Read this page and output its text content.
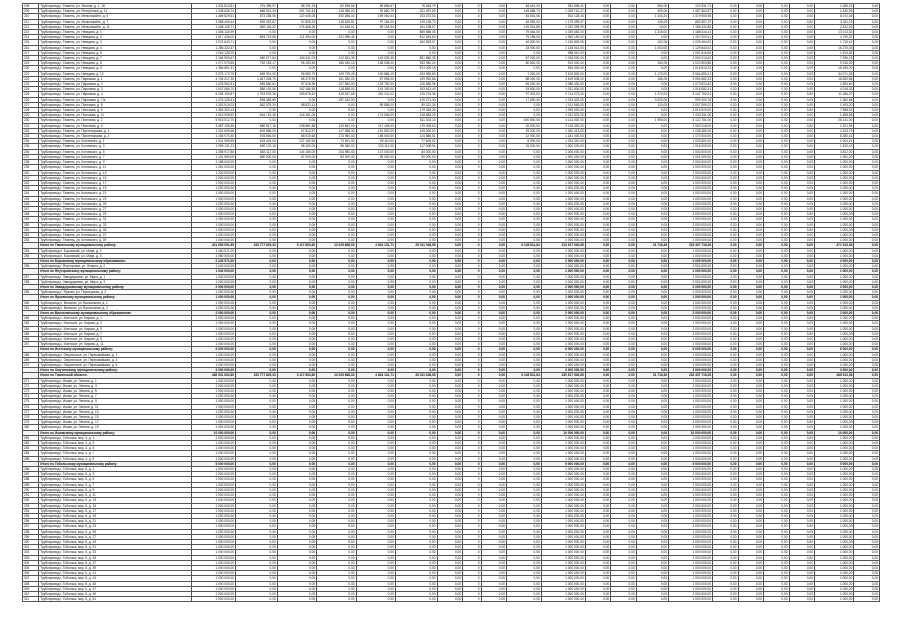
208	Трубопровод г. Тюмень, ул. Ленина, д. 1, 18	1 331 813,81	791 399,07	58 791,33	82 935,66	69 866,67	76 363,79	0,00	0	0,00	48 610,00	381 598,41	0,00	0,00	980,00	102 931,71	0,00	0,00	0,00	0,00	1 083,23	0,00
209	Трубопровод г. Тюмень, ул. Республики, д. 11	1 248 636,74	686 912,33	301 750,44	118 395,00	92 650,79	321 497,69	0,00	0	0,00	145 688,73	1 039 710,27	0,00	0,00	305,00	1 087 563,57	0,00	0,00	0,00	0,00	1 430,99	0,00
210	Трубопровод г. Тюмень, ул. Мельникайте, д. 5	1 489 829,51	873 238,06	120 435,05	252 286,04	159 060,03	103 373,53	0,00	0	0,00	84 816,06	502 128,34	0,00	0,00	1 103,24	1 379 906,98	0,00	0,00	0,00	0,00	6 074,46	0,00
211	Трубопровод г. Тюмень, ул. Мельникайте, д. 7	1 368 405,44	839 457,87	57 805,23	118 625,81	97 164,00	120 136,73	0,00	0	0,00	46 950,00	1 179 399,07	0,00	0,00	130,00	882 967,37	0,00	0,00	0,00	0,00	3 311,15	0,00
212	Трубопровод г. Тюмень, ул. Мельникайте, д. 11	1 438 108,71	882 118,32	176 468,36	61 166,01	89 104,94	161 198,07	0,00	0	0,00	129 916,86	1 010 395,99	0,00	0,00	10,00	1 189 432,85	0,00	0,00	0,00	0,00	2 812,16	0,00
213	Трубопровод г. Тюмень, ул. Немцова, д. 1	1 508 130,99	0,00	0,00	0,00	0,00	869 888,05	0,00	0	0,00	79 646,00	1 039 682,00	0,00	0,00	1 315,00	1 188 016,43	0,00	0,00	0,00	0,00	13 013,32	0,00
214	Трубопровод г. Тюмень, ул. Немцова, д. 2	1 517 436,00	853 719,65	111 394,00	101 396,46	0,00	812 815,63	0,00	0	0,00	79 186,00	1 060 190,02	0,00	0,00	0,00	1 157 002,61	0,00	0,00	0,00	0,00	4 700,32	0,00
215	Трубопровод г. Тюмень, ул. Немцова, д. 3	1 074 643,71	0,00	0,00	0,00	0,00	184 893,07	0,00	0	0,00	46 900,00	1 136 800,55	0,00	0,00	102,00	1 039 464,92	0,00	0,00	0,00	0,00	1 716,42	0,00
216	Трубопровод г. Тюмень, ул. Немцова, д. 4	1 286 322,67	0,00	0,00	0,00	0,00	0,00	0,00	0	0,00	15 000,00	1 135 014,00	0,00	0,00	1 003,00	1 129 844,02	0,00	0,00	0,00	0,00	16 270,05	0,00
217	Трубопровод г. Тюмень, ул. Немцова, д. 6	1 063 128,29	0,00	0,00	0,00	0,00	0,00	0,00	0	0,00	0,00	988 510,00	0,00	0,00	0,00	1 091 816,65	0,00	0,00	0,00	0,00	1 913,35	0,00
218	Трубопровод г. Тюмень, ул. Немцова, д. 7	1 184 950,67	680 677,60	166 511,03	112 451,39	149 335,36	851 880,35	0,00	0	0,00	87 000,00	1 036 000,00	0,00	0,00	0,00	1 050 010,62	0,00	0,00	0,00	0,00	7 936,15	0,00
219	Трубопровод г. Тюмень, ул. Немцова, д. 8	1 071 979,60	752 153,17	95 153,50	166 430,15	136 008,00	933 982,24	0,00	0	0,00	80 800,00	913 000,00	0,00	0,00	164,00	1 022 803,88	0,00	0,00	0,00	0,00	9 316,30	0,00
220	Трубопровод г. Тюмень, ул. Немцова, д. 9	1 386 891,31	0,00	0,00	0,00	0,00	574 205,18	0,00	0	0,00	0,00	963 000,00	0,00	0,00	0,00	1 018 510,22	0,00	0,00	0,00	0,00	16 196,00	0,00
221	Трубопровод г. Тюмень, ул. Немцова, д. 10	3 375 173,75	669 921,00	96 980,79	109 739,28	100 886,10	633 555,80	0,00	0	0,00	1 000,00	3 100 500,00	0,00	0,00	1 170,00	3 064 855,21	0,00	0,00	0,00	0,00	34 071,05	0,00
222	Трубопровод г. Тюмень, ул. Парковая, д. 1	4 706 017,25	1 467 248,79	88 379,99	161 350,00	87 596,00	199 952,86	0,00	0	0,00	88 000,00	3 619 508,00	0,00	0,00	166,00	3 994 882,23	0,00	0,00	0,00	0,00	16 820,56	0,00
223	Трубопровод г. Тюмень, ул. Парковая, д. 2	1 003 962,81	589 860,62	57 616,95	107 360,00	133 750,00	126 860,95	0,00	0	0,00	69 000,00	1 088 430,00	0,00	0,00	0,00	1 073 813,42	0,00	0,00	0,00	0,00	1 693,60	0,00
224	Трубопровод г. Тюмень, ул. Парковая, д. 3	1 047 066,70	886 192,56	162 186,59	118 858,00	161 190,00	153 613,49	0,00	0	0,00	53 800,00	1 031 600,00	0,00	0,00	0,00	1 016 082,41	0,00	0,00	0,00	0,00	4 018,33	0,00
225	Трубопровод г. Тюмень, ул. Парковая, д. 4	6 284 190,87	1 753 978,36	169 676,62	419 037,68	261 011,02	115 276,36	0,00	0	0,00	97 902,00	2 714 073,00	0,00	0,00	1 270,00	3 147 762,04	0,00	0,00	0,00	0,00	11 166,07	0,00
226	Трубопровод г. Тюмень, ул. Парковая, д. 7/а	1 476 126,51	839 453,89	0,00	287 442,00	0,00	476 271,30	0,00	0	0,00	17 690,00	1 033 402,00	0,00	0,00	3 000,00	999 300,76	0,00	0,00	0,00	0,00	1 960,84	0,00
227	Трубопровод г. Тюмень, ул. Пихтовая, д. 8	1 303 910,03	582 979,30	58 823,14	0,00	89 886,00	89 321,34	0,00	0	0,00	0,00	1 011 563,00	0,00	0,00	110,00	1 007 509,22	0,00	0,00	0,00	0,00	1 193,20	0,00
228	Трубопровод г. Тюмень, ул. Пихтовая, д. 9	1 363 300,13	0,00	0,00	0,00	0,00	179 335,26	0,00	0	0,00	0,00	1 095 000,00	0,00	0,00	0,00	1 015 919,00	0,00	0,00	0,00	0,00	7 598,92	0,00
229	Трубопровод г. Тюмень, ул. Пихтовая, д. 11	1 316 908,52	664 715,48	116 161,08	0,00	174 906,00	128 683,25	0,00	0	0,00	0,00	1 032 875,00	0,00	0,00	0,00	1 030 811,00	0,00	0,00	0,00	0,00	1 698,65	0,00
230	Трубопровод г. Тюмень, ул. Пихтовая, д. 2	5 915 012,70	0,00	0,00	0,00	0,00	511 303,13	0,00	0	0,00	400 800,00	4 114 000,00	0,00	0,00	1 990,00	5 122 781,00	0,00	0,00	0,00	0,00	28 141,00	0,00
231	Трубопровод г. Тюмень, ул. Пихтовая, д. 4	1 467 190,55	880 517,15	108 881,88	125 861,00	117 165,00	179 008,63	0,00	0	0,00	20 000,00	1 116 000,00	0,00	0,00	0,00	1 060 018,00	0,00	0,00	0,00	0,00	1 101,94	0,00
232	Трубопровод г. Тюмень, ул. Пролетарская, д. 1	1 201 659,68	692 086,00	57 813,97	117 368,30	151 802,00	105 000,00	0,00	0	0,00	29 200,00	1 000 413,00	0,00	0,00	0,00	1 038 480,00	0,00	0,00	0,00	0,00	1 613,75	0,00
233	Трубопровод г. Тюмень, ул. Пролетарская, д. 2	1 155 970,40	978 806,00	58 915,68	173 950,00	185 000,00	124 886,51	0,00	0	0,00	12 900,00	1 181 000,00	0,00	0,00	0,00	1 170 000,00	0,00	0,00	0,00	0,00	8 380,42	0,00
234	Трубопровод г. Тюмень, ул. Котовского, д. 1	1 041 959,69	633 443,00	127 160,93	73 601,00	95 110,00	77 605,02	0,00	0	0,00	8 000,00	1 034 310,00	0,00	0,00	0,00	1 033 602,00	0,00	0,00	0,00	0,00	1 004,61	0,00
235	Трубопровод г. Тюмень, ул. Котовского, д. 3	1 099 131,23	690 176,15	58 160,00	98 360,00	133 112,00	117 908,94	0,00	0	0,00	15 000,00	1 000 000,00	0,00	0,00	0,00	1 015 000,00	0,00	0,00	0,00	0,00	1 810,43	0,00
236	Трубопровод г. Тюмень, ул. Котовского, д. 5	1 308 917,86	883 117,00	144 165,00	104 980,00	137 000,00	84 000,00	0,00	0	0,00	0,00	1 006 000,00	0,00	0,00	0,00	1 003 000,00	0,00	0,00	0,00	0,00	3 812,00	0,00
237	Трубопровод г. Тюмень, ул. Котовского, д. 7	1 101 960,00	580 000,00	57 000,00	83 000,00	95 000,00	90 000,00	0,00	0	0,00	0,00	1 000 000,00	0,00	0,00	0,00	1 001 000,00	0,00	0,00	0,00	0,00	1 001,00	0,00
238	Трубопровод г. Тюмень, ул. Котовского, д. 9	1 188 000,00	0,00	0,00	0,00	0,00	0,00	0,00	0	0,00	0,00	1 000 000,00	0,00	0,00	0,00	1 000 000,00	0,00	0,00	0,00	0,00	1 000,00	0,00
239	Трубопровод г. Тюмень, ул. Котовского, д. 11	1 401 000,00	0,00	0,00	0,00	0,00	0,00	0,00	0	0,00	0,00	1 000 000,00	0,00	0,00	0,00	1 000 000,00	0,00	0,00	0,00	0,00	1 000,00	0,00
240	Трубопровод г. Тюмень, ул. Котовского, д. 13	1 200 000,00	0,00	0,00	0,00	0,00	0,00	0,00	0	0,00	0,00	1 000 000,00	0,00	0,00	0,00	1 000 000,00	0,00	0,00	0,00	0,00	1 000,00	0,00
241	Трубопровод г. Тюмень, ул. Котовского, д. 15	1 000 000,00	0,00	0,00	0,00	0,00	0,00	0,00	0	0,00	0,00	1 000 000,00	0,00	0,00	0,00	1 000 000,00	0,00	0,00	0,00	0,00	1 000,00	0,00
242	Трубопровод г. Тюмень, ул. Котовского, д. 17	1 000 000,00	0,00	0,00	0,00	0,00	0,00	0,00	0	0,00	0,00	1 000 000,00	0,00	0,00	0,00	1 000 000,00	0,00	0,00	0,00	0,00	1 000,00	0,00
243	Трубопровод г. Тюмень, ул. Котовского, д. 19	1 000 000,00	0,00	0,00	0,00	0,00	0,00	0,00	0	0,00	0,00	1 000 000,00	0,00	0,00	0,00	1 000 000,00	0,00	0,00	0,00	0,00	1 000,00	0,00
244	Трубопровод г. Тюмень, ул. Котовского, д. 21	1 000 000,00	0,00	0,00	0,00	0,00	0,00	0,00	0	0,00	0,00	1 000 000,00	0,00	0,00	0,00	1 000 000,00	0,00	0,00	0,00	0,00	1 000,00	0,00
245	Трубопровод г. Тюмень, ул. Котовского, д. 23	1 000 000,00	0,00	0,00	0,00	0,00	0,00	0,00	0	0,00	0,00	1 000 000,00	0,00	0,00	0,00	1 000 000,00	0,00	0,00	0,00	0,00	1 000,00	0,00
246	Трубопровод г. Тюмень, ул. Котовского, д. 25	1 000 000,00	0,00	0,00	0,00	0,00	0,00	0,00	0	0,00	0,00	1 000 000,00	0,00	0,00	0,00	1 000 000,00	0,00	0,00	0,00	0,00	1 000,00	0,00
247	Трубопровод г. Тюмень, ул. Котовского, д. 27	1 000 000,00	0,00	0,00	0,00	0,00	0,00	0,00	0	0,00	0,00	1 000 000,00	0,00	0,00	0,00	1 000 000,00	0,00	0,00	0,00	0,00	1 000,00	0,00
248	Трубопровод г. Тюмень, ул. Котовского, д. 29	1 000 000,00	0,00	0,00	0,00	0,00	0,00	0,00	0	0,00	0,00	1 000 000,00	0,00	0,00	0,00	1 000 000,00	0,00	0,00	0,00	0,00	1 000,00	0,00
249	Трубопровод г. Тюмень, ул. Котовского, д. 31	1 000 000,00	0,00	0,00	0,00	0,00	0,00	0,00	0	0,00	0,00	1 000 000,00	0,00	0,00	0,00	1 000 000,00	0,00	0,00	0,00	0,00	1 000,00	0,00
250	Трубопровод г. Тюмень, ул. Котовского, д. 33	1 000 000,00	0,00	0,00	0,00	0,00	0,00	0,00	0	0,00	0,00	1 000 000,00	0,00	0,00	0,00	1 000 000,00	0,00	0,00	0,00	0,00	1 000,00	0,00
251	Трубопровод г. Тюмень, ул. Котовского, д. 35	1 000 000,00	0,00	0,00	0,00	0,00	0,00	0,00	0	0,00	0,00	1 000 000,00	0,00	0,00	0,00	1 000 000,00	0,00	0,00	0,00	0,00	1 000,00	0,00
252	Трубопровод г. Тюмень, ул. Котовского, д. 37	1 000 000,00	0,00	0,00	0,00	0,00	0,00	0,00	0	0,00	0,00	1 000 000,00	0,00	0,00	0,00	1 000 000,00	0,00	0,00	0,00	0,00	1 000,00	0,00
253	Трубопровод г. Тюмень, ул. Котовского, д. 39	1 000 000,00	0,00	0,00	0,00	0,00	0,00	0,00	0	0,00	0,00	1 000 000,00	0,00	0,00	0,00	1 000 000,00	0,00	0,00	0,00	0,00	1 000,00	0,00
	Итого по Тюменскому муниципальному району:	421 650 091,89	153 777 629,33	5 117 803,60	12 025 668,03	4 816 131,71	28 011 048,95	0,00	0	0,00	6 145 811,84	213 517 940,65	0,00	0,00	31 716,46	215 407 718,26	0,00	0,00	0,00	0,00	471 913,08	0,00
254	Трубопровод п. Боровский, ул. Мира, д. 1	1 160 971,00	0,00	0,00	0,00	0,00	0,00	0,00	0	0,00	0,00	1 000 000,00	0,00	0,00	0,00	1 000 000,00	0,00	0,00	0,00	0,00	1 000,00	0,00
255	Трубопровод п. Боровский, ул. Мира, д. 3	1 080 000,00	0,00	0,00	0,00	0,00	0,00	0,00	0	0,00	0,00	1 000 000,00	0,00	0,00	0,00	1 000 000,00	0,00	0,00	0,00	0,00	1 000,00	0,00
	Итого по Боровскому муниципальному образованию:	2 240 971,00	0,00	0,00	0,00	0,00	0,00	0,00	0	0,00	0,00	2 000 000,00	0,00	0,00	0,00	2 000 000,00	0,00	0,00	0,00	0,00	2 000,00	0,00
256	Трубопровод г. Ялуторовск, ул. Ленина, д. 2	1 040 000,00	0,00	0,00	0,00	0,00	0,00	0,00	0	0,00	0,00	1 000 000,00	0,00	0,00	0,00	1 000 000,00	0,00	0,00	0,00	0,00	1 000,00	0,00
	Итого по Ялуторовскому муниципальному району:	1 040 000,00	0,00	0,00	0,00	0,00	0,00	0,00	0	0,00	0,00	1 000 000,00	0,00	0,00	0,00	1 000 000,00	0,00	0,00	0,00	0,00	1 000,00	0,00
257	Трубопровод г. Заводоуковск, ул. Мира, д. 1	1 000 000,00	0,00	0,00	0,00	0,00	0,00	0,00	0	0,00	0,00	1 000 000,00	0,00	0,00	0,00	1 000 000,00	0,00	0,00	0,00	0,00	1 000,00	0,00
258	Трубопровод г. Заводоуковск, ул. Мира, д. 3	1 000 000,00	0,00	0,00	0,00	0,00	0,00	0,00	0	0,00	0,00	1 000 000,00	0,00	0,00	0,00	1 000 000,00	0,00	0,00	0,00	0,00	1 000,00	0,00
	Итого по Заводоуковскому муниципальному району:	2 000 000,00	0,00	0,00	0,00	0,00	0,00	0,00	0	0,00	0,00	2 000 000,00	0,00	0,00	0,00	2 000 000,00	0,00	0,00	0,00	0,00	2 000,00	0,00
259	Трубопровод с. Ярково, ул. Пионерская, д. 2	1 000 000,00	0,00	0,00	0,00	0,00	0,00	0,00	0	0,00	0,00	1 000 000,00	0,00	0,00	0,00	1 000 000,00	0,00	0,00	0,00	0,00	1 000,00	0,00
	Итого по Ярковскому муниципальному району:	1 000 000,00	0,00	0,00	0,00	0,00	0,00	0,00	0	0,00	0,00	1 000 000,00	0,00	0,00	0,00	1 000 000,00	0,00	0,00	0,00	0,00	1 000,00	0,00
260	Трубопровод п. Винзили, ул. Вокзальная, д. 1	1 000 000,00	0,00	0,00	0,00	0,00	0,00	0,00	0	0,00	0,00	1 000 000,00	0,00	0,00	0,00	1 000 000,00	0,00	0,00	0,00	0,00	1 000,00	0,00
261	Трубопровод п. Винзили, ул. Вокзальная, д. 3	1 000 000,00	0,00	0,00	0,00	0,00	0,00	0,00	0	0,00	0,00	1 000 000,00	0,00	0,00	0,00	1 000 000,00	0,00	0,00	0,00	0,00	1 000,00	0,00
	Итого по Винзилинскому муниципальному образованию:	2 000 000,00	0,00	0,00	0,00	0,00	0,00	0,00	0	0,00	0,00	2 000 000,00	0,00	0,00	0,00	2 000 000,00	0,00	0,00	0,00	0,00	2 000,00	0,00
262	Трубопровод с. Исетское, ул. Кирова, д. 1	1 000 000,00	0,00	0,00	0,00	0,00	0,00	0,00	0	0,00	0,00	1 000 000,00	0,00	0,00	0,00	1 000 000,00	0,00	0,00	0,00	0,00	1 000,00	0,00
263	Трубопровод с. Исетское, ул. Кирова, д. 3	1 000 000,00	0,00	0,00	0,00	0,00	0,00	0,00	0	0,00	0,00	1 000 000,00	0,00	0,00	0,00	1 000 000,00	0,00	0,00	0,00	0,00	1 000,00	0,00
264	Трубопровод с. Исетское, ул. Кирова, д. 5	1 000 000,00	0,00	0,00	0,00	0,00	0,00	0,00	0	0,00	0,00	1 000 000,00	0,00	0,00	0,00	1 000 000,00	0,00	0,00	0,00	0,00	1 000,00	0,00
265	Трубопровод с. Исетское, ул. Кирова, д. 7	1 000 000,00	0,00	0,00	0,00	0,00	0,00	0,00	0	0,00	0,00	1 000 000,00	0,00	0,00	0,00	1 000 000,00	0,00	0,00	0,00	0,00	1 000,00	0,00
266	Трубопровод с. Исетское, ул. Кирова, д. 9	1 000 000,00	0,00	0,00	0,00	0,00	0,00	0,00	0	0,00	0,00	1 000 000,00	0,00	0,00	0,00	1 000 000,00	0,00	0,00	0,00	0,00	1 000,00	0,00
267	Трубопровод с. Исетское, ул. Кирова, д. 11	1 000 000,00	0,00	0,00	0,00	0,00	0,00	0,00	0	0,00	0,00	1 000 000,00	0,00	0,00	0,00	1 000 000,00	0,00	0,00	0,00	0,00	1 000,00	0,00
	Итого по Исетскому муниципальному району:	6 000 000,00	0,00	0,00	0,00	0,00	0,00	0,00	0	0,00	0,00	6 000 000,00	0,00	0,00	0,00	6 000 000,00	0,00	0,00	0,00	0,00	6 000,00	0,00
268	Трубопровод с. Омутинское, ул. Первомайская, д. 1	1 000 000,00	0,00	0,00	0,00	0,00	0,00	0,00	0	0,00	0,00	1 000 000,00	0,00	0,00	0,00	1 000 000,00	0,00	0,00	0,00	0,00	1 000,00	0,00
269	Трубопровод с. Омутинское, ул. Первомайская, д. 3	1 000 000,00	0,00	0,00	0,00	0,00	0,00	0,00	0	0,00	0,00	1 000 000,00	0,00	0,00	0,00	1 000 000,00	0,00	0,00	0,00	0,00	1 000,00	0,00
270	Трубопровод с. Омутинское, ул. Первомайская, д. 5	1 000 000,00	0,00	0,00	0,00	0,00	0,00	0,00	0	0,00	0,00	1 000 000,00	0,00	0,00	0,00	1 000 000,00	0,00	0,00	0,00	0,00	1 000,00	0,00
	Итого по Омутинскому муниципальному району:	3 000 000,00	0,00	0,00	0,00	0,00	0,00	0,00	0	0,00	0,00	3 000 000,00	0,00	0,00	0,00	3 000 000,00	0,00	0,00	0,00	0,00	3 000,00	0,00
	Итого по Тюменской области:	438 931 062,89	153 777 629,33	5 117 803,60	12 025 668,03	4 816 131,71	28 011 048,95	0,00	0	0,00	6 145 811,84	230 517 940,65	0,00	0,00	31 716,46	232 407 718,26	0,00	0,00	0,00	0,00	488 913,08	0,00
271	Трубопровод г. Ишим, ул. Ленина, д. 1	1 000 000,00	0,00	0,00	0,00	0,00	0,00	0,00	0	0,00	0,00	1 000 000,00	0,00	0,00	0,00	1 000 000,00	0,00	0,00	0,00	0,00	1 000,00	0,00
272	Трубопровод г. Ишим, ул. Ленина, д. 3	1 000 000,00	0,00	0,00	0,00	0,00	0,00	0,00	0	0,00	0,00	1 000 000,00	0,00	0,00	0,00	1 000 000,00	0,00	0,00	0,00	0,00	1 000,00	0,00
273	Трубопровод г. Ишим, ул. Ленина, д. 5	1 000 000,00	0,00	0,00	0,00	0,00	0,00	0,00	0	0,00	0,00	1 000 000,00	0,00	0,00	0,00	1 000 000,00	0,00	0,00	0,00	0,00	1 000,00	0,00
274	Трубопровод г. Ишим, ул. Ленина, д. 7	1 000 000,00	0,00	0,00	0,00	0,00	0,00	0,00	0	0,00	0,00	1 000 000,00	0,00	0,00	0,00	1 000 000,00	0,00	0,00	0,00	0,00	1 000,00	0,00
275	Трубопровод г. Ишим, ул. Ленина, д. 9	1 000 000,00	0,00	0,00	0,00	0,00	0,00	0,00	0	0,00	0,00	1 000 000,00	0,00	0,00	0,00	1 000 000,00	0,00	0,00	0,00	0,00	1 000,00	0,00
276	Трубопровод г. Ишим, ул. Ленина, д. 11	1 000 000,00	0,00	0,00	0,00	0,00	0,00	0,00	0	0,00	0,00	1 000 000,00	0,00	0,00	0,00	1 000 000,00	0,00	0,00	0,00	0,00	1 000,00	0,00
277	Трубопровод г. Ишим, ул. Ленина, д. 13	1 000 000,00	0,00	0,00	0,00	0,00	0,00	0,00	0	0,00	0,00	1 000 000,00	0,00	0,00	0,00	1 000 000,00	0,00	0,00	0,00	0,00	1 000,00	0,00
278	Трубопровод г. Ишим, ул. Ленина, д. 15	1 000 000,00	0,00	0,00	0,00	0,00	0,00	0,00	0	0,00	0,00	1 000 000,00	0,00	0,00	0,00	1 000 000,00	0,00	0,00	0,00	0,00	1 000,00	0,00
279	Трубопровод г. Ишим, ул. Ленина, д. 17	1 000 000,00	0,00	0,00	0,00	0,00	0,00	0,00	0	0,00	0,00	1 000 000,00	0,00	0,00	0,00	1 000 000,00	0,00	0,00	0,00	0,00	1 000,00	0,00
280	Трубопровод г. Ишим, ул. Ленина, д. 19	1 000 000,00	0,00	0,00	0,00	0,00	0,00	0,00	0	0,00	0,00	1 000 000,00	0,00	0,00	0,00	1 000 000,00	0,00	0,00	0,00	0,00	1 000,00	0,00
	Итого по Ишимскому муниципальному району:	10 000 000,00	0,00	0,00	0,00	0,00	0,00	0,00	0	0,00	0,00	10 000 000,00	0,00	0,00	0,00	10 000 000,00	0,00	0,00	0,00	0,00	10 000,00	0,00
281	Трубопровод г. Тобольск, мкр. 4, д. 1	1 000 000,00	0,00	0,00	0,00	0,00	0,00	0,00	0	0,00	0,00	1 000 000,00	0,00	0,00	0,00	1 000 000,00	0,00	0,00	0,00	0,00	1 000,00	0,00
282	Трубопровод г. Тобольск, мкр. 4, д. 3	1 000 000,00	0,00	0,00	0,00	0,00	0,00	0,00	0	0,00	0,00	1 000 000,00	0,00	0,00	0,00	1 000 000,00	0,00	0,00	0,00	0,00	1 000,00	0,00
283	Трубопровод г. Тобольск, мкр. 4, д. 5	1 000 000,00	0,00	0,00	0,00	0,00	0,00	0,00	0	0,00	0,00	1 000 000,00	0,00	0,00	0,00	1 000 000,00	0,00	0,00	0,00	0,00	1 000,00	0,00
284	Трубопровод г. Тобольск, мкр. 4, д. 7	1 000 000,00	0,00	0,00	0,00	0,00	0,00	0,00	0	0,00	0,00	1 000 000,00	0,00	0,00	0,00	1 000 000,00	0,00	0,00	0,00	0,00	1 000,00	0,00
285	Трубопровод г. Тобольск, мкр. 4, д. 9	1 000 000,00	0,00	0,00	0,00	0,00	0,00	0,00	0	0,00	0,00	1 000 000,00	0,00	0,00	0,00	1 000 000,00	0,00	0,00	0,00	0,00	1 000,00	0,00
	Итого по Тобольскому муниципальному району:	5 000 000,00	0,00	0,00	0,00	0,00	0,00	0,00	0	0,00	0,00	5 000 000,00	0,00	0,00	0,00	5 000 000,00	0,00	0,00	0,00	0,00	5 000,00	0,00
286	Трубопровод г. Тобольск, мкр. 6, д. 1	1 000 000,00	0,00	0,00	0,00	0,00	0,00	0,00	0	0,00	0,00	1 000 000,00	0,00	0,00	0,00	1 000 000,00	0,00	0,00	0,00	0,00	1 000,00	0,00
287	Трубопровод г. Тобольск, мкр. 6, д. 3	1 000 000,00	0,00	0,00	0,00	0,00	0,00	0,00	0	0,00	0,00	1 000 000,00	0,00	0,00	0,00	1 000 000,00	0,00	0,00	0,00	0,00	1 000,00	0,00
288	Трубопровод г. Тобольск, мкр. 6, д. 5	1 000 000,00	0,00	0,00	0,00	0,00	0,00	0,00	0	0,00	0,00	1 000 000,00	0,00	0,00	0,00	1 000 000,00	0,00	0,00	0,00	0,00	1 000,00	0,00
289	Трубопровод г. Тобольск, мкр. 6, д. 7	1 000 000,00	0,00	0,00	0,00	0,00	0,00	0,00	0	0,00	0,00	1 000 000,00	0,00	0,00	0,00	1 000 000,00	0,00	0,00	0,00	0,00	1 000,00	0,00
290	Трубопровод г. Тобольск, мкр. 6, д. 9	1 000 000,00	0,00	0,00	0,00	0,00	0,00	0,00	0	0,00	0,00	1 000 000,00	0,00	0,00	0,00	1 000 000,00	0,00	0,00	0,00	0,00	1 000,00	0,00
291	Трубопровод г. Тобольск, мкр. 6, д. 11	1 000 000,00	0,00	0,00	0,00	0,00	0,00	0,00	0	0,00	0,00	1 000 000,00	0,00	0,00	0,00	1 000 000,00	0,00	0,00	0,00	0,00	1 000,00	0,00
292	Трубопровод г. Тобольск, мкр. 6, д. 13	1 000 000,00	0,00	0,00	0,00	0,00	0,00	0,00	0	0,00	0,00	1 000 000,00	0,00	0,00	0,00	1 000 000,00	0,00	0,00	0,00	0,00	1 000,00	0,00
293	Трубопровод г. Тобольск, мкр. 6, д. 15	1 000 000,00	0,00	0,00	0,00	0,00	0,00	0,00	0	0,00	0,00	1 000 000,00	0,00	0,00	0,00	1 000 000,00	0,00	0,00	0,00	0,00	1 000,00	0,00
294	Трубопровод г. Тобольск, мкр. 6, д. 17	1 000 000,00	0,00	0,00	0,00	0,00	0,00	0,00	0	0,00	0,00	1 000 000,00	0,00	0,00	0,00	1 000 000,00	0,00	0,00	0,00	0,00	1 000,00	0,00
295	Трубопровод г. Тобольск, мкр. 6, д. 19	1 000 000,00	0,00	0,00	0,00	0,00	0,00	0,00	0	0,00	0,00	1 000 000,00	0,00	0,00	0,00	1 000 000,00	0,00	0,00	0,00	0,00	1 000,00	0,00
296	Трубопровод г. Тобольск, мкр. 6, д. 21	1 000 000,00	0,00	0,00	0,00	0,00	0,00	0,00	0	0,00	0,00	1 000 000,00	0,00	0,00	0,00	1 000 000,00	0,00	0,00	0,00	0,00	1 000,00	0,00
297	Трубопровод г. Тобольск, мкр. 6, д. 23	1 000 000,00	0,00	0,00	0,00	0,00	0,00	0,00	0	0,00	0,00	1 000 000,00	0,00	0,00	0,00	1 000 000,00	0,00	0,00	0,00	0,00	1 000,00	0,00
298	Трубопровод г. Тобольск, мкр. 6, д. 25	1 000 000,00	0,00	0,00	0,00	0,00	0,00	0,00	0	0,00	0,00	1 000 000,00	0,00	0,00	0,00	1 000 000,00	0,00	0,00	0,00	0,00	1 000,00	0,00
299	Трубопровод г. Тобольск, мкр. 6, д. 27	1 000 000,00	0,00	0,00	0,00	0,00	0,00	0,00	0	0,00	0,00	1 000 000,00	0,00	0,00	0,00	1 000 000,00	0,00	0,00	0,00	0,00	1 000,00	0,00
300	Трубопровод г. Тобольск, мкр. 6, д. 29	1 000 000,00	0,00	0,00	0,00	0,00	0,00	0,00	0	0,00	0,00	1 000 000,00	0,00	0,00	0,00	1 000 000,00	0,00	0,00	0,00	0,00	1 000,00	0,00
301	Трубопровод г. Тобольск, мкр. 6, д. 31	1 000 000,00	0,00	0,00	0,00	0,00	0,00	0,00	0	0,00	0,00	1 000 000,00	0,00	0,00	0,00	1 000 000,00	0,00	0,00	0,00	0,00	1 000,00	0,00
302	Трубопровод г. Тобольск, мкр. 6, д. 33	1 000 000,00	0,00	0,00	0,00	0,00	0,00	0,00	0	0,00	0,00	1 000 000,00	0,00	0,00	0,00	1 000 000,00	0,00	0,00	0,00	0,00	1 000,00	0,00
303	Трубопровод г. Тобольск, мкр. 6, д. 35	1 000 000,00	0,00	0,00	0,00	0,00	0,00	0,00	0	0,00	0,00	1 000 000,00	0,00	0,00	0,00	1 000 000,00	0,00	0,00	0,00	0,00	1 000,00	0,00
304	Трубопровод г. Тобольск, мкр. 6, д. 37	1 000 000,00	0,00	0,00	0,00	0,00	0,00	0,00	0	0,00	0,00	1 000 000,00	0,00	0,00	0,00	1 000 000,00	0,00	0,00	0,00	0,00	1 000,00	0,00
305	Трубопровод г. Тобольск, мкр. 6, д. 39	1 000 000,00	0,00	0,00	0,00	0,00	0,00	0,00	0	0,00	0,00	1 000 000,00	0,00	0,00	0,00	1 000 000,00	0,00	0,00	0,00	0,00	1 000,00	0,00
306	Трубопровод г. Тобольск, мкр. 6, д. 41	1 000 000,00	0,00	0,00	0,00	0,00	0,00	0,00	0	0,00	0,00	1 000 000,00	0,00	0,00	0,00	1 000 000,00	0,00	0,00	0,00	0,00	1 000,00	0,00
307	Трубопровод г. Тобольск, мкр. 6, д. 43	1 000 000,00	0,00	0,00	0,00	0,00	0,00	0,00	0	0,00	0,00	1 000 000,00	0,00	0,00	0,00	1 000 000,00	0,00	0,00	0,00	0,00	1 000,00	0,00
308	Трубопровод г. Тобольск, мкр. 6, д. 45	1 000 000,00	0,00	0,00	0,00	0,00	0,00	0,00	0	0,00	0,00	1 000 000,00	0,00	0,00	0,00	1 000 000,00	0,00	0,00	0,00	0,00	1 000,00	0,00
309	Трубопровод г. Тобольск, мкр. 6, д. 47	1 000 000,00	0,00	0,00	0,00	0,00	0,00	0,00	0	0,00	0,00	1 000 000,00	0,00	0,00	0,00	1 000 000,00	0,00	0,00	0,00	0,00	1 000,00	0,00
310	Трубопровод г. Тобольск, мкр. 6, д. 49	1 000 000,00	0,00	0,00	0,00	0,00	0,00	0,00	0	0,00	0,00	1 000 000,00	0,00	0,00	0,00	1 000 000,00	0,00	0,00	0,00	0,00	1 000,00	0,00
311	Трубопровод г. Тобольск, мкр. 6, д. 51	1 000 000,00	0,00	0,00	0,00	0,00	0,00	0,00	0	0,00	0,00	1 000 000,00	0,00	0,00	0,00	1 000 000,00	0,00	0,00	0,00	0,00	1 000,00	0,00
